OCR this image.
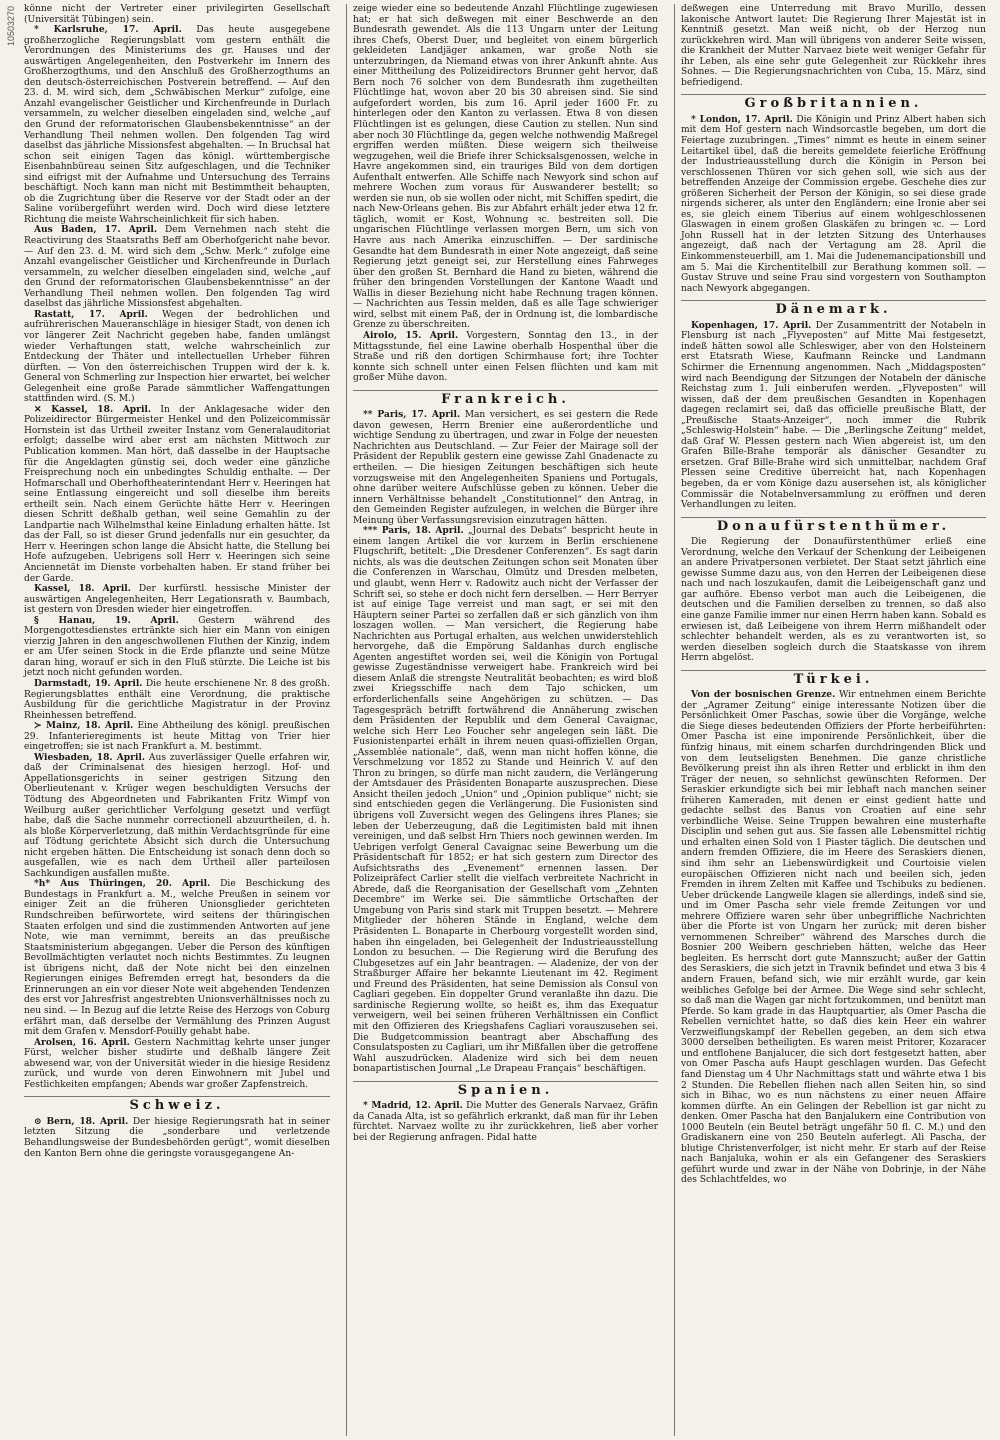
10503270 könne nicht der Vertreter einer privilegirten Gesellschaft (Universität Tübingen) sein.

* Karlsruhe, 17. April. Das heute ausgegebene großherzogliche Regierungsblatt vom gestern enthält die Verordnungen des Ministeriums des gr. Hauses und der auswärtigen Angelegenheiten, den Postverkehr im Innern des Großherzogthums, und den Anschluß des Großherzogthums an den deutsch-österreichischen Postverein betreffend. — Auf den 23. d. M. wird sich, dem „Schwäbischen Merkur“ zufolge, eine Anzahl evangelischer Geistlicher und Kirchenfreunde in Durlach versammeln, zu welcher dieselben eingeladen sind, welche „auf den Grund der reformatorischen Glaubensbekenntnisse“ an der Verhandlung Theil nehmen wollen. Den folgenden Tag wird daselbst das jährliche Missionsfest abgehalten. — In Bruchsal hat schon seit einigen Tagen das königl. württembergische Eisenbahnbüreau seinen Sitz aufgeschlagen, und die Techniker sind eifrigst mit der Aufnahme und Untersuchung des Terrains beschäftigt. Noch kann man nicht mit Bestimmtheit behaupten, ob die Zugrichtung über die Reserve vor der Stadt oder an der Saline vorübergeführt werden wird. Doch wird diese letztere Richtung die meiste Wahrscheinlichkeit für sich haben.

Aus Baden, 17. April. Dem Vernehmen nach steht die Reactivirung des Staatsraths Beff am Oberhofgericht nahe bevor. — Auf den 23. d. M. wird sich dem „Schw. Merk.“ zufolge eine Anzahl evangelischer Geistlicher und Kirchenfreunde in Durlach versammeln, zu welcher dieselben eingeladen sind, welche „auf den Grund der reformatorischen Glaubensbekenntnisse“ an der Verhandlung Theil nehmen wollen. Den folgenden Tag wird daselbst das jährliche Missionsfest abgehalten.

Rastatt, 17. April. Wegen der bedrohlichen und aufrührerischen Maueranschläge in hiesiger Stadt, von denen ich vor längerer Zeit Nachricht gegeben habe, fanden umlängst wieder Verhaftungen statt, welche wahrscheinlich zur Entdeckung der Thäter und intellectuellen Urheber führen dürften. — Von den österreichischen Truppen wird der k. k. General von Schmerling zur Inspection hier erwartet, bei welcher Gelegenheit eine große Parade sämmtlicher Waffengattungen stattfinden wird. (S. M.)

✕ Kassel, 18. April. In der Anklagesache wider den Polizeidirector Bürgermeister Henkel und den Polizeicommissär Hornstein ist das Urtheil zweiter Instanz vom Generalauditoriat erfolgt; dasselbe wird aber erst am nächsten Mittwoch zur Publication kommen. Man hört, daß dasselbe in der Hauptsache für die Angeklagten günstig sei, doch weder eine gänzliche Freisprechung noch ein unbedingtes Schuldig enthalte. — Der Hofmarschall und Oberhoftheaterintendant Herr v. Heeringen hat seine Entlassung eingereicht und soll dieselbe ihm bereits ertheilt sein. Nach einem Gerüchte hätte Herr v. Heeringen diesen Schritt deßhalb gethan, weil seine Gemahlin zu der Landpartie nach Wilhelmsthal keine Einladung erhalten hätte. Ist das der Fall, so ist dieser Grund jedenfalls nur ein gesuchter, da Herr v. Heeringen schon lange die Absicht hatte, die Stellung bei Hofe aufzugeben. Uebrigens soll Herr v. Heeringen sich seine Anciennetät im Dienste vorbehalten haben. Er stand früher bei der Garde.

Kassel, 18. April. Der kurfürstl. hessische Minister der auswärtigen Angelegenheiten, Herr Legationsrath v. Baumbach, ist gestern von Dresden wieder hier eingetroffen.

§ Hanau, 19. April. Gestern während des Morgengottesdienstes ertränkte sich hier ein Mann von einigen vierzig Jahren in den angeschwollenen Fluthen der Kinzig, indem er am Ufer seinen Stock in die Erde pflanzte und seine Mütze daran hing, worauf er sich in den Fluß stürzte. Die Leiche ist bis jetzt noch nicht gefunden worden.

Darmstadt, 19. April. Die heute erschienene Nr. 8 des großh. Regierungsblattes enthält eine Verordnung, die praktische Ausbildung für die gerichtliche Magistratur in der Provinz Rheinhessen betreffend.

≻ Mainz, 18. April. Eine Abtheilung des königl. preußischen 29. Infanterieregiments ist heute Mittag von Trier hier eingetroffen; sie ist nach Frankfurt a. M. bestimmt.

Wiesbaden, 18. April. Aus zuverlässiger Quelle erfahren wir, daß der Criminalsenat des hiesigen herzogl. Hof- und Appellationsgerichts in seiner gestrigen Sitzung den Oberlieutenant v. Krüger wegen beschuldigten Versuchs der Tödtung des Abgeordneten und Fabrikanten Fritz Wimpf von Weilburg außer gerichtlicher Verfolgung gesetzt und verfügt habe, daß die Sache nunmehr correctionell abzuurtheilen, d. h. als bloße Körperverletzung, daß mithin Verdachtsgründe für eine auf Tödtung gerichtete Absicht sich durch die Untersuchung nicht ergeben hätten. Die Entscheidung ist sonach denn doch so ausgefallen, wie es nach dem Urtheil aller parteilosen Sachkundigen ausfallen mußte.

*h* Aus Thüringen, 20. April. Die Beschickung des Bundestags in Frankfurt a. M., welche Preußen in seinem vor einiger Zeit an die früheren Unionsglieder gerichteten Rundschreiben befürwortete, wird seitens der thüringischen Staaten erfolgen und sind die zustimmenden Antworten auf jene Note, wie man vernimmt, bereits an das preußische Staatsministerium abgegangen. Ueber die Person des künftigen Bevollmächtigten verlautet noch nichts Bestimmtes. Zu leugnen ist übrigens nicht, daß der Note nicht bei den einzelnen Regierungen einiges Befremden erregt hat, besonders da die Erinnerungen an ein vor dieser Note weit abgehenden Tendenzen des erst vor Jahresfrist angestrebten Unionsverhältnisses noch zu neu sind. — In Bezug auf die letzte Reise des Herzogs von Coburg erfährt man, daß derselbe der Vermählung des Prinzen August mit dem Grafen v. Mensdorf-Pouilly gehabt habe.

Arolsen, 16. April. Gestern Nachmittag kehrte unser junger Fürst, welcher bisher studirte und deßhalb längere Zeit abwesend war, von der Universität wieder in die hiesige Residenz zurück, und wurde von deren Einwohnern mit Jubel und Festlichkeiten empfangen; Abends war großer Zapfenstreich.

Schweiz.

⊙ Bern, 18. April. Der hiesige Regierungsrath hat in seiner letzten Sitzung die „sonderbare und verletzende Behandlungsweise der Bundesbehörden gerügt“, womit dieselben den Kanton Bern ohne die geringste vorausgegangene An-

zeige wieder eine so bedeutende Anzahl Flüchtlinge zugewiesen hat; er hat sich deßwegen mit einer Beschwerde an den Bundesrath gewendet. Als die 113 Ungarn unter der Leitung ihres Chefs, Oberst Duer, und begleitet von einem bürgerlich gekleideten Landjäger ankamen, war große Noth sie unterzubringen, da Niemand etwas von ihrer Ankunft ahnte. Aus einer Mittheilung des Polizeidirectors Brunner geht hervor, daß Bern noch 76 solcher von dem Bundesrath ihm zugetheilten Flüchtlinge hat, wovon aber 20 bis 30 abreisen sind. Sie sind aufgefordert worden, bis zum 16. April jeder 1600 Fr. zu hinterlegen oder den Kanton zu verlassen. Etwa 8 von diesen Flüchtlingen ist es gelungen, diese Caution zu stellen. Nun sind aber noch 30 Flüchtlinge da, gegen welche nothwendig Maßregel ergriffen werden müßten. Diese weigern sich theilweise wegzugehen, weil die Briefe ihrer Schicksalsgenossen, welche in Havre angekommen sind, ein trauriges Bild von dem dortigen Aufenthalt entwerfen. Alle Schiffe nach Newyork sind schon auf mehrere Wochen zum voraus für Auswanderer bestellt; so werden sie nun, ob sie wollen oder nicht, mit Schiffen spedirt, die nach New-Orleans gehen. Bis zur Abfahrt erhält jeder etwa 12 fr. täglich, womit er Kost, Wohnung ꝛc. bestreiten soll. Die ungarischen Flüchtlinge verlassen morgen Bern, um sich von Havre aus nach Amerika einzuschiffen. — Der sardinische Gesandte hat dem Bundesrath in einer Note angezeigt, daß seine Regierung jetzt geneigt sei, zur Herstellung eines Fahrweges über den großen St. Bernhard die Hand zu bieten, während die früher den bringenden Vorstellungen der Kantone Waadt und Wallis in dieser Beziehung nicht habe Rechnung tragen können. — Nachrichten aus Tessin melden, daß es alle Tage schwieriger wird, selbst mit einem Paß, der in Ordnung ist, die lombardische Grenze zu überschreiten.

Airolo, 15. April. Vorgestern, Sonntag den 13., in der Mittagsstunde, fiel eine Lawine oberhalb Hospenthal über die Straße und riß den dortigen Schirmhause fort; ihre Tochter konnte sich schnell unter einen Felsen flüchten und kam mit großer Mühe davon.

Frankreich.

** Paris, 17. April. Man versichert, es sei gestern die Rede davon gewesen, Herrn Brenier eine außerordentliche und wichtige Sendung zu übertragen, und zwar in Folge der neuesten Nachrichten aus Deutschland. — Zur Feier der Mairage soll der Präsident der Republik gestern eine gewisse Zahl Gnadenacte zu ertheilen. — Die hiesigen Zeitungen beschäftigen sich heute vorzugsweise mit den Angelegenheiten Spaniens und Portugals, ohne darüber weitere Aufschlüsse geben zu können. Ueber die innern Verhältnisse behandelt „Constitutionnel“ den Antrag, in den Gemeinden Register aufzulegen, in welchen die Bürger ihre Meinung über Verfassungsrevision einzutragen hätten.

*** Paris, 18. April. „Journal des Debats“ bespricht heute in einem langen Artikel die vor kurzem in Berlin erschienene Flugschrift, betitelt: „Die Dresdener Conferenzen“. Es sagt darin nichts, als was die deutschen Zeitungen schon seit Monaten über die Conferenzen in Warschau, Olmütz und Dresden melbeten, und glaubt, wenn Herr v. Radowitz auch nicht der Verfasser der Schrift sei, so stehe er doch nicht fern derselben. — Herr Berryer ist auf einige Tage verreist und man sagt, er sei mit den Häuptern seiner Partei so zerfallen daß er sich gänzlich von ihm loszagen wollen. — Man versichert, die Regierung habe Nachrichten aus Portugal erhalten, aus welchen unwiderstehlich hervorgehe, daß die Empörung Saldanhas durch englische Agenten angestiftet worden sei, weil die Königin von Portugal gewisse Zugeständnisse verweigert habe. Frankreich wird bei diesem Anlaß die strengste Neutralität beobachten; es wird bloß zwei Kriegsschiffe nach dem Tajo schicken, um erforderlichenfalls seine Angehörigen zu schützen. — Das Tagesgespräch betrifft fortwährend die Annäherung zwischen dem Präsidenten der Republik und dem General Cavaignac, welche sich Herr Leo Foucher sehr angelegen sein läßt. Die Fusionistenpartei erhält in ihrem neuen quasi-offiziellen Organ, „Assemblée nationale“, daß, wenn man nicht hoffen könne, die Verschmelzung vor 1852 zu Stande und Heinrich V. auf den Thron zu bringen, so dürfe man nicht zaudern, die Verlängerung der Amtsdauer des Präsidenten Bonaparte auszusprechen. Diese Ansicht theilen jedoch „Union“ und „Opinion publique“ nicht; sie sind entschieden gegen die Verlängerung. Die Fusionisten sind übrigens voll Zuversicht wegen des Gelingens ihres Planes; sie leben der Ueberzeugung, daß die Legitimisten bald mit ihnen vereinigen, und daß selbst Hrn Thiers noch gewinnen werden. Im Uebrigen verfolgt General Cavaignac seine Bewerbung um die Präsidentschaft für 1852; er hat sich gestern zum Director des Aufsichtsraths des „Evenement“ ernennen lassen. Der Polizeipräfect Carlier stellt die vielfach verbreitete Nachricht in Abrede, daß die Reorganisation der Gesellschaft vom „Zehnten Decembre“ im Werke sei. Die sämmtliche Ortschaften der Umgebung von Paris sind stark mit Truppen besetzt. — Mehrere Mitglieder der höheren Stände in England, welche dem Präsidenten L. Bonaparte in Cherbourg vorgestellt worden sind, haben ihn eingeladen, bei Gelegenheit der Industrieausstellung London zu besuchen. — Die Regierung wird die Berufung des Clubgesetzes auf ein Jahr beantragen. — Aladenize, der von der Straßburger Affaire her bekannte Lieutenant im 42. Regiment und Freund des Präsidenten, hat seine Demission als Consul von Cagliari gegeben. Ein doppelter Grund veranlaßte ihn dazu. Die sardinische Regierung wollte, so heißt es, ihm das Exequatur verweigern, weil bei seinen früheren Verhältnissen ein Conflict mit den Offizieren des Kriegshafens Cagliari vorauszusehen sei. Die Budgetcommission beantragt aber Abschaffung des Consulatsposten zu Cagliari, um ihr Mißfallen über die getroffene Wahl auszudrücken. Aladenize wird sich bei dem neuen bonapartistischen Journal „Le Drapeau Français“ beschäftigen.

Spanien.

* Madrid, 12. April. Die Mutter des Generals Narvaez, Gräfin da Canada Alta, ist so gefährlich erkrankt, daß man für ihr Leben fürchtet. Narvaez wollte zu ihr zurückkehren, ließ aber vorher bei der Regierung anfragen. Pidal hatte

deßwegen eine Unterredung mit Bravo Murillo, dessen lakonische Antwort lautet: Die Regierung Ihrer Majestät ist in Kenntniß gesetzt. Man weiß nicht, ob der Herzog nun zurückkehren wird. Man will übrigens von anderer Seite wissen, die Krankheit der Mutter Narvaez biete weit weniger Gefahr für ihr Leben, als eine sehr gute Gelegenheit zur Rückkehr ihres Sohnes. — Die Regierungsnachrichten von Cuba, 15. März, sind befriedigend.

Großbritannien.

* London, 17. April. Die Königin und Prinz Albert haben sich mit dem Hof gestern nach Windsorcastle begeben, um dort die Feiertage zuzubringen. „Times“ nimmt es heute in einem seiner Leitartikel übel, daß die bereits gemeldete feierliche Eröffnung der Industrieausstellung durch die Königin in Person bei verschlossenen Thüren vor sich gehen soll, wie sich aus der betreffenden Anzeige der Commission ergebe. Geschehe dies zur größeren Sicherheit der Person der Königin, so sei diese grade nirgends sicherer, als unter den Engländern; eine Ironie aber sei es, sie gleich einem Tiberius auf einem wohlgeschlossenen Glaswagen in einem großen Glaskäfen zu bringen ꝛc. — Lord John Russell hat in der letzten Sitzung des Unterhauses angezeigt, daß nach der Vertagung am 28. April die Einkommensteuerbill, am 1. Mai die Judenemancipationsbill und am 5. Mai die Kirchentitelbill zur Berathung kommen soll. — Gustav Struve und seine Frau sind vorgestern von Southampton nach Newyork abgegangen.

Dänemark.

Kopenhagen, 17. April. Der Zusammentritt der Notabeln in Flensburg ist nach „Flyveposten“ auf Mitte Mai festgesetzt, indeß hätten sowol alle Schleswiger, aber von den Holsteinern erst Etatsrath Wiese, Kaufmann Reincke und Landmann Schirmer die Ernennung angenommen. Nach „Middagsposten“ wird nach Beendigung der Sitzungen der Notabeln der dänische Reichstag zum 1. Juli einberufen werden. „Flyveposten“ will wissen, daß der dem preußischen Gesandten in Kopenhagen dagegen reclamirt sei, daß das officielle preußische Blatt, der „Preußische Staats-Anzeiger“, noch immer die Rubrik „Schleswig-Holstein“ habe. — Die „Berlingsche Zeitung“ meldet, daß Graf W. Plessen gestern nach Wien abgereist ist, um den Grafen Bille-Brahe temporär als dänischer Gesandter zu ersetzen. Graf Bille-Brahe wird sich unmittelbar, nachdem Graf Plessen seine Creditive überreicht hat, nach Kopenhagen begeben, da er vom Könige dazu ausersehen ist, als königlicher Commissär die Notabelnversammlung zu eröffnen und deren Verhandlungen zu leiten.

Donaufürstenthümer.

Die Regierung der Donaufürstenthümer erließ eine Verordnung, welche den Verkauf der Schenkung der Leibeigenen an andere Privatpersonen verbietet. Der Staat setzt jährlich eine gewisse Summe dazu aus, von den Herren der Leibeigenen diese nach und nach loszukaufen, damit die Leibeigenschaft ganz und gar aufhöre. Ebenso verbot man auch die Leibeigenen, die deutschen und die Familien derselben zu trennen, so daß also eine ganze Familie immer nur einen Herrn haben kann. Sobald es erwiesen ist, daß Leibeigene von ihrem Herrn mißhandelt oder schlechter behandelt werden, als es zu verantworten ist, so werden dieselben sogleich durch die Staatskasse von ihrem Herrn abgelöst.

Türkei.

Von der bosnischen Grenze. Wir entnehmen einem Berichte der „Agramer Zeitung“ einige interessante Notizen über die Persönlichkeit Omer Paschas, sowie über die Vorgänge, welche die Siege dieses bedeutenden Offiziers der Pforte herbeiführten: Omer Pascha ist eine imponirende Persönlichkeit, über die fünfzig hinaus, mit einem scharfen durchdringenden Blick und von dem leutseligsten Benehmen. Die ganze christliche Bevölkerung preist ihn als ihren Retter und erblickt in ihm den Träger der neuen, so sehnlichst gewünschten Reformen. Der Seraskier erkundigte sich bei mir lebhaft nach manchen seiner früheren Kameraden, mit denen er einst gedient hatte und gedachte selbst des Banus von Croatien auf eine sehr verbindliche Weise. Seine Truppen bewahren eine musterhafte Disciplin und sehen gut aus. Sie fassen alle Lebensmittel richtig und erhalten einen Sold von 1 Piaster täglich. Die deutschen und andern fremden Offiziere, die im Heere des Seraskiers dienen, sind ihm sehr an Liebenswürdigkeit und Courtoisie vielen europäischen Offizieren nicht nach und beeilen sich, jeden Fremden in ihrem Zelten mit Kaffee und Tschibuks zu bedienen. Ueber drückende Langweile klagen sie allerdings, indeß sind sie, und im Omer Pascha sehr viele fremde Zeitungen vor und mehrere Offiziere waren sehr über unbegriffliche Nachrichten über die Pforte ist von Ungarn her zurück; mit deren bisher vernommenen Schreiber“ während des Marsches durch die Bosnier 200 Weibern geschrieben hätten, welche das Heer begleiten. Es herrscht dort gute Mannszucht; außer der Gattin des Seraskiers, die sich jetzt in Travnik befindet und etwa 3 bis 4 andern Frauen, befand sich, wie mir erzählt wurde, gar kein weibliches Gefolge bei der Armee. Die Wege sind sehr schlecht, so daß man die Wagen gar nicht fortzukommen, und benützt man Pferde. So kam grade in das Hauptquartier, als Omer Pascha die Rebellen vernichtet hatte, so daß dies kein Heer ein wahrer Verzweiflungskampf der Rebellen gegeben, an dem sich etwa 3000 derselben betheiligten. Es waren meist Pritorer, Kozaracer und entflohene Banjalucer, die sich dort festgesetzt hatten, aber von Omer Pascha aufs Haupt geschlagen wurden. Das Gefecht fand Dienstag um 4 Uhr Nachmittags statt und währte etwa 1 bis 2 Stunden. Die Rebellen fliehen nach allen Seiten hin, so sind sich in Bihac, wo es nun nächstens zu einer neuen Affaire kommen dürfte. An ein Gelingen der Rebellion ist gar nicht zu denken. Omer Pascha hat den Banjalukern eine Contribution von 1000 Beuteln (ein Beutel beträgt ungefähr 50 fl. C. M.) und den Gradiskanern eine von 250 Beuteln auferlegt. Ali Pascha, der blutige Christenverfolger, ist nicht mehr. Er starb auf der Reise nach Banjaluka, wohin er als ein Gefangener des Seraskiers geführt wurde und zwar in der Nähe von Dobrinje, in der Nähe des Schlachtfeldes, wo
